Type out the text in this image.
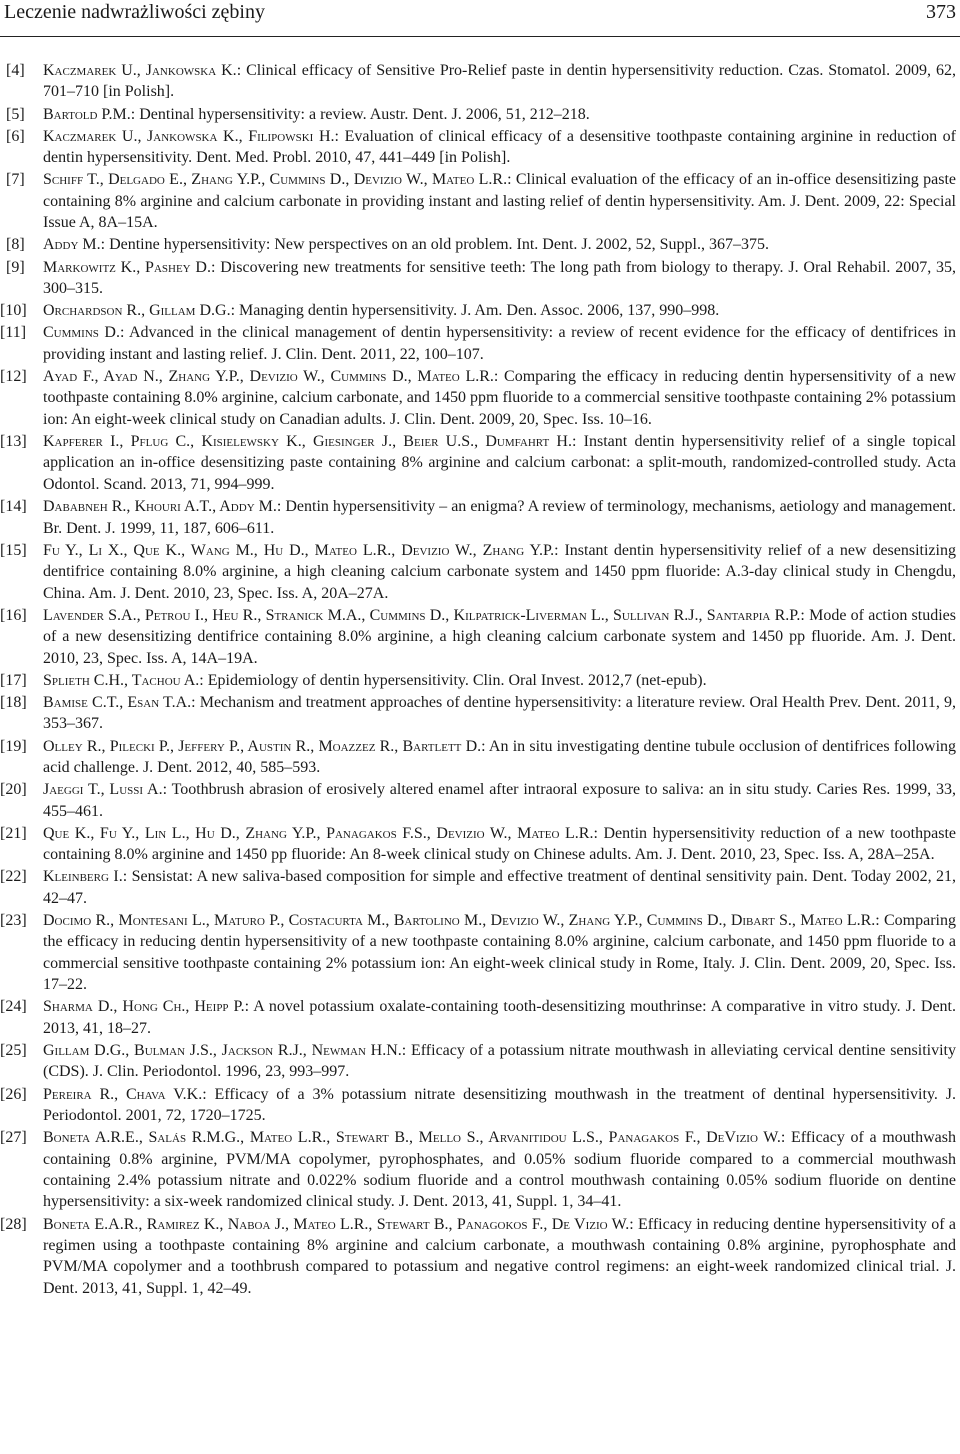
Leczenie nadwrażliwości zębiny	373

[4] Kaczmarek U., Jankowska K.: Clinical efficacy of Sensitive Pro-Relief paste in dentin hypersensitivity reduction. Czas. Stomatol. 2009, 62, 701–710 [in Polish].

[5] Bartold P.M.: Dentinal hypersensitivity: a review. Austr. Dent. J. 2006, 51, 212–218.

[6] Kaczmarek U., Jankowska K., Filipowski H.: Evaluation of clinical efficacy of a desensitive toothpaste containing arginine in reduction of dentin hypersensitivity. Dent. Med. Probl. 2010, 47, 441–449 [in Polish].

[7] Schiff T., Delgado E., Zhang Y.P., Cummins D., Devizio W., Mateo L.R.: Clinical evaluation of the efficacy of an in-office desensitizing paste containing 8% arginine and calcium carbonate in providing instant and lasting relief of dentin hypersensitivity. Am. J. Dent. 2009, 22: Special Issue A, 8A–15A.

[8] Addy M.: Dentine hypersensitivity: New perspectives on an old problem. Int. Dent. J. 2002, 52, Suppl., 367–375.

[9] Markowitz K., Pashey D.: Discovering new treatments for sensitive teeth: The long path from biology to therapy. J. Oral Rehabil. 2007, 35, 300–315.

[10] Orchardson R., Gillam D.G.: Managing dentin hypersensitivity. J. Am. Den. Assoc. 2006, 137, 990–998.

[11] Cummins D.: Advanced in the clinical management of dentin hypersensitivity: a review of recent evidence for the efficacy of dentifrices in providing instant and lasting relief. J. Clin. Dent. 2011, 22, 100–107.

[12] Ayad F., Ayad N., Zhang Y.P., Devizio W., Cummins D., Mateo L.R.: Comparing the efficacy in reducing dentin hypersensitivity of a new toothpaste containing 8.0% arginine, calcium carbonate, and 1450 ppm fluoride to a commercial sensitive toothpaste containing 2% potassium ion: An eight-week clinical study on Canadian adults. J. Clin. Dent. 2009, 20, Spec. Iss. 10–16.

[13] Kapferer I., Pflug C., Kisielewsky K., Giesinger J., Beier U.S., Dumfahrt H.: Instant dentin hypersensitivity relief of a single topical application an in-office desensitizing paste containing 8% arginine and calcium carbonat: a split-mouth, randomized-controlled study. Acta Odontol. Scand. 2013, 71, 994–999.

[14] Dababneh R., Khouri A.T., Addy M.: Dentin hypersensitivity – an enigma? A review of terminology, mechanisms, aetiology and management. Br. Dent. J. 1999, 11, 187, 606–611.

[15] Fu Y., Li X., Que K., Wang M., Hu D., Mateo L.R., Devizio W., Zhang Y.P.: Instant dentin hypersensitivity relief of a new desensitizing dentifrice containing 8.0% arginine, a high cleaning calcium carbonate system and 1450 ppm fluoride: A.3-day clinical study in Chengdu, China. Am. J. Dent. 2010, 23, Spec. Iss. A, 20A–27A.

[16] Lavender S.A., Petrou I., Heu R., Stranick M.A., Cummins D., Kilpatrick-Liverman L., Sullivan R.J., Santarpia R.P.: Mode of action studies of a new desensitizing dentifrice containing 8.0% arginine, a high cleaning calcium carbonate system and 1450 pp fluoride. Am. J. Dent. 2010, 23, Spec. Iss. A, 14A–19A.

[17] Splieth C.H., Tachou A.: Epidemiology of dentin hypersensitivity. Clin. Oral Invest. 2012,7 (net-epub).

[18] Bamise C.T., Esan T.A.: Mechanism and treatment approaches of dentine hypersensitivity: a literature review. Oral Health Prev. Dent. 2011, 9, 353–367.

[19] Olley R., Pilecki P., Jeffery P., Austin R., Moazzez R., Bartlett D.: An in situ investigating dentine tubule occlusion of dentifrices following acid challenge. J. Dent. 2012, 40, 585–593.

[20] Jaeggi T., Lussi A.: Toothbrush abrasion of erosively altered enamel after intraoral exposure to saliva: an in situ study. Caries Res. 1999, 33, 455–461.

[21] Que K., Fu Y., Lin L., Hu D., Zhang Y.P., Panagakos F.S., Devizio W., Mateo L.R.: Dentin hypersensitivity reduction of a new toothpaste containing 8.0% arginine and 1450 pp fluoride: An 8-week clinical study on Chinese adults. Am. J. Dent. 2010, 23, Spec. Iss. A, 28A–25A.

[22] Kleinberg I.: Sensistat: A new saliva-based composition for simple and effective treatment of dentinal sensitivity pain. Dent. Today 2002, 21, 42–47.

[23] Docimo R., Montesani L., Maturo P., Costacurta M., Bartolino M., Devizio W., Zhang Y.P., Cummins D., Dibart S., Mateo L.R.: Comparing the efficacy in reducing dentin hypersensitivity of a new toothpaste containing 8.0% arginine, calcium carbonate, and 1450 ppm fluoride to a commercial sensitive toothpaste containing 2% potassium ion: An eight-week clinical study in Rome, Italy. J. Clin. Dent. 2009, 20, Spec. Iss. 17–22.

[24] Sharma D., Hong Ch., Heipp P.: A novel potassium oxalate-containing tooth-desensitizing mouthrinse: A comparative in vitro study. J. Dent. 2013, 41, 18–27.

[25] Gillam D.G., Bulman J.S., Jackson R.J., Newman H.N.: Efficacy of a potassium nitrate mouthwash in alleviating cervical dentine sensitivity (CDS). J. Clin. Periodontol. 1996, 23, 993–997.

[26] Pereira R., Chava V.K.: Efficacy of a 3% potassium nitrate desensitizing mouthwash in the treatment of dentinal hypersensitivity. J. Periodontol. 2001, 72, 1720–1725.

[27] Boneta A.R.E., Salás R.M.G., Mateo L.R., Stewart B., Mello S., Arvanitidou L.S., Panagakos F., DeVizio W.: Efficacy of a mouthwash containing 0.8% arginine, PVM/MA copolymer, pyrophosphates, and 0.05% sodium fluoride compared to a commercial mouthwash containing 2.4% potassium nitrate and 0.022% sodium fluoride and a control mouthwash containing 0.05% sodium fluoride on dentine hypersensitivity: a six-week randomized clinical study. J. Dent. 2013, 41, Suppl. 1, 34–41.

[28] Boneta E.A.R., Ramirez K., Naboa J., Mateo L.R., Stewart B., Panagokos F., De Vizio W.: Efficacy in reducing dentine hypersensitivity of a regimen using a toothpaste containing 8% arginine and calcium carbonate, a mouthwash containing 0.8% arginine, pyrophosphate and PVM/MA copolymer and a toothbrush compared to potassium and negative control regimens: an eight-week randomized clinical trial. J. Dent. 2013, 41, Suppl. 1, 42–49.
